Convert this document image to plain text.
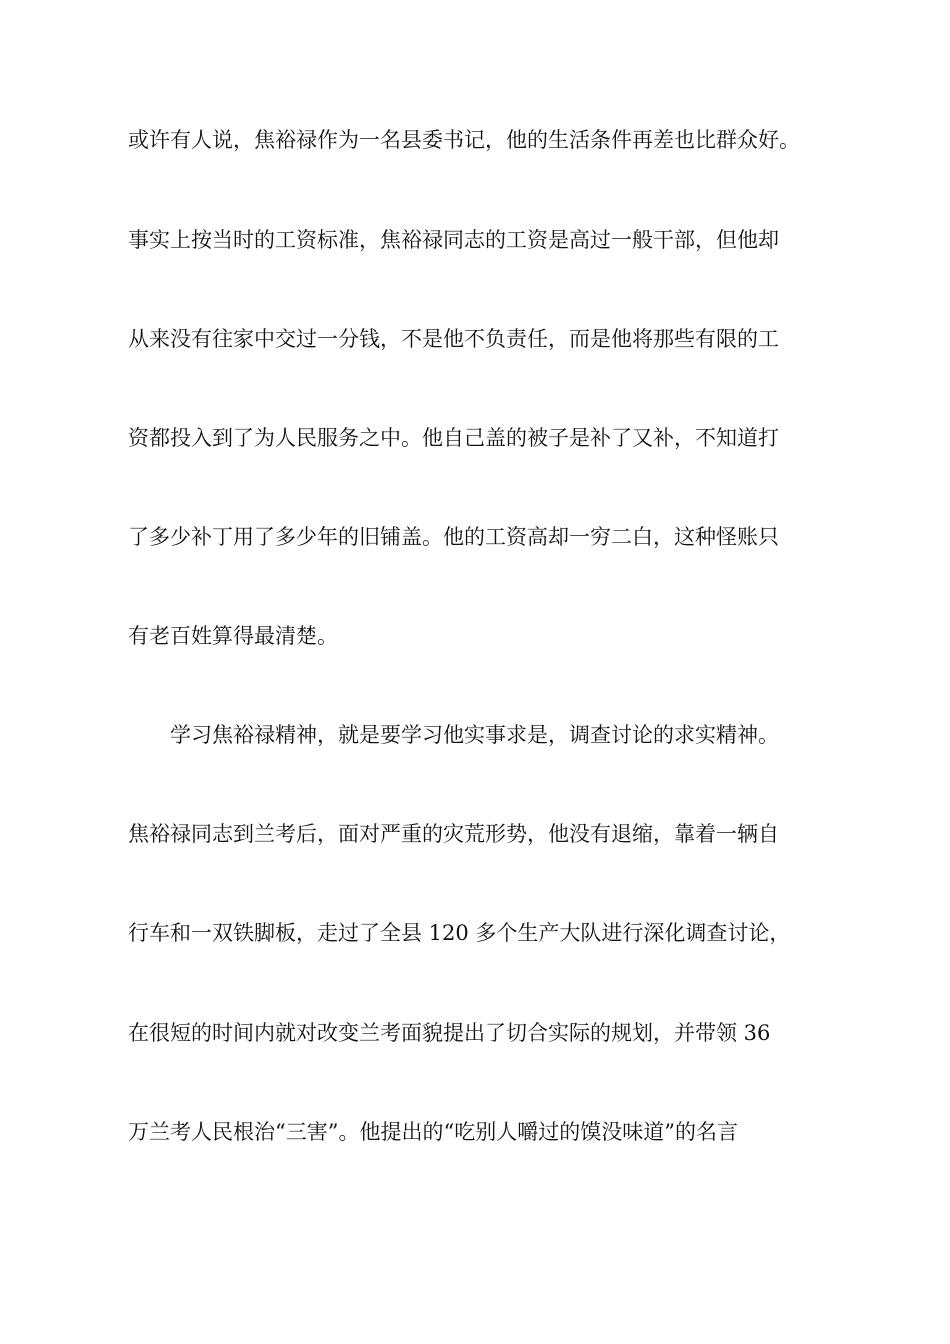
或许有人说，焦裕禄作为一名县委书记，他的生活条件再差也比群众好。
事实上按当时的工资标准，焦裕禄同志的工资是高过一般干部，但他却
从来没有往家中交过一分钱，不是他不负责任，而是他将那些有限的工
资都投入到了为人民服务之中。他自己盖的被子是补了又补，不知道打
了多少补丁用了多少年的旧铺盖。他的工资高却一穷二白，这种怪账只
有老百姓算得最清楚。
学习焦裕禄精神，就是要学习他实事求是，调查讨论的求实精神。
焦裕禄同志到兰考后，面对严重的灾荒形势，他没有退缩，靠着一辆自
行车和一双铁脚板，走过了全县 120 多个生产大队进行深化调查讨论，
在很短的时间内就对改变兰考面貌提出了切合实际的规划，并带领 36
万兰考人民根治“三害”。他提出的“吃别人嚼过的馍没味道”的名言
